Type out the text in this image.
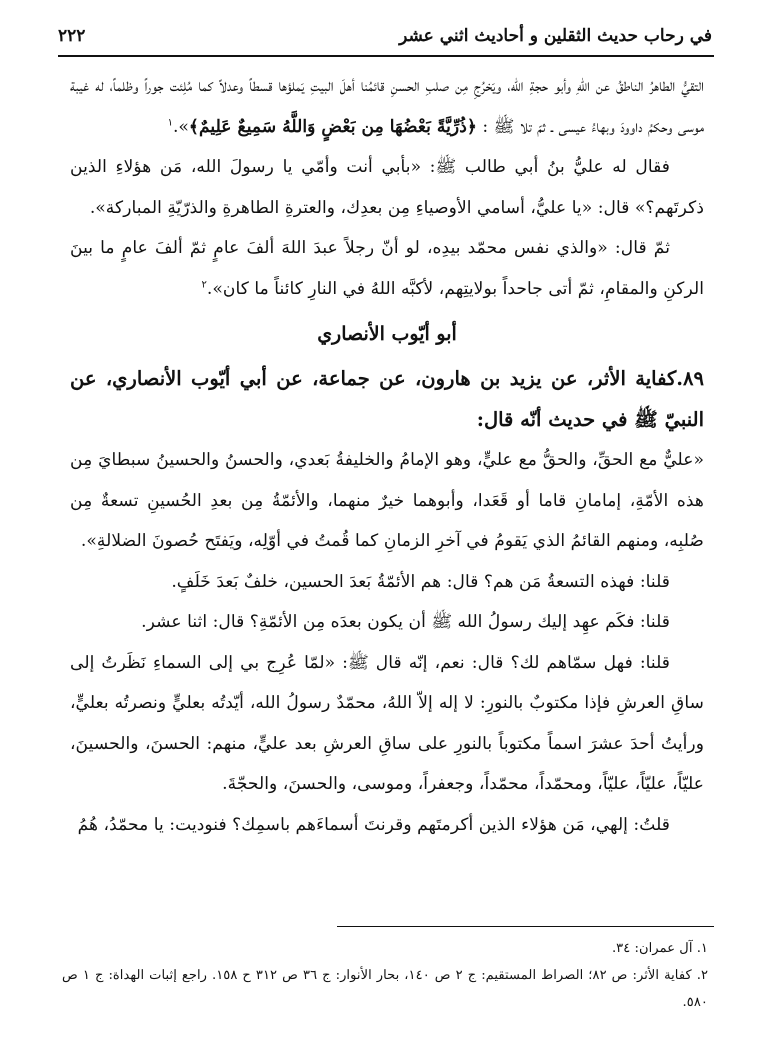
في رحاب حديث الثقلين و أحاديث اثني عشر
٢٢٢

التقيُّ الطاهرُ الناطقُ عن اللهِ وأبو حجةِ الله، ويَخرُجِ مِن صلبِ الحسنِ قائمُنا أهلَ البيتِ يَملؤها قسطاً وعدلاً كما مُلِئت جوراً وظلماً، له غيبة موسى وحكمُ داوودَ وبهاءُ عيسى ـ ثمّ تلا ﷺ : ﴿ذُرِّيَّةً بَعْضُهَا مِن بَعْضٍ وَاللَّهُ سَمِيعٌ عَلِيمٌ﴾».$^١$

فقال له عليُّ بنُ أبي طالب ﷺ: «بأبي أنت وأمّي يا رسولَ الله، مَن هؤلاءِ الذين ذكرتَهم؟» قال: «يا عليُّ، أسامي الأوصياءِ مِن بعدِك، والعترةِ الطاهرةِ والذرّيّةِ المباركة».

ثمّ قال: «والذي نفس محمّد بيدِه، لو أنّ رجلاً عبدَ اللهَ ألفَ عامٍ ثمّ ألفَ عامٍ ما بينَ الركنِ والمقامِ، ثمّ أتى جاحداً بولايتِهم، لأكبَّه اللهُ في النارِ كائناً ما كان».$^٢$

أبو أيّوب الأنصاري

٨٩.كفاية الأثر، عن يزيد بن هارون، عن جماعة، عن أبي أيّوب الأنصاري، عن النبيّ ﷺ في حديث أنّه قال:

«عليٌّ مع الحقِّ، والحقُّ مع عليٍّ، وهو الإمامُ والخليفةُ بَعدي، والحسنُ والحسينُ سبطايَ مِن هذه الأمّةِ، إمامانِ قاما أو قَعَدا، وأبوهما خيرٌ منهما، والأئمّةُ مِن بعدِ الحُسينِ تسعةٌ مِن صُلبِه، ومنهم القائمُ الذي يَقومُ في آخرِ الزمانِ كما قُمتُ في أوّلِه، ويَفتَح حُصونَ الضلالةِ».

قلنا: فهذه التسعةُ مَن هم؟ قال: هم الأئمّةُ بَعدَ الحسين، خلفٌ بَعدَ خَلَفٍ.

قلنا: فكَم عهِد إليك رسولُ الله ﷺ أن يكون بعدَه مِن الأئمّةِ؟ قال: اثنا عشر.

قلنا: فهل سمّاهم لك؟ قال: نعم، إنّه قال ﷺ: «لمّا عُرِج بي إلى السماءِ نَظَرتُ إلى ساقِ العرشِ فإذا مكتوبٌ بالنورِ: لا إله إلاّ اللهُ، محمّدٌ رسولُ الله، أيّدتُه بعليٍّ ونصرتُه بعليٍّ، ورأيتُ أحدَ عشرَ اسماً مكتوباً بالنورِ على ساقِ العرشِ بعد عليٍّ، منهم: الحسنَ، والحسينَ، عليّاً، عليّاً، عليّاً، ومحمّداً، محمّداً، وجعفراً، وموسى، والحسنَ، والحجّةَ.

قلتُ: إلهي، مَن هؤلاء الذين أكرمتَهم وقرنتَ أسماءَهم باسمِك؟ فنوديت: يا محمّدُ، هُمُ

١. آل عمران: ٣٤.

٢. كفاية الأثر: ص ٨٢؛ الصراط المستقيم: ج ٢ ص ١٤٠، بحار الأنوار: ج ٣٦ ص ٣١٢ ح ١٥٨. راجع إثبات الهداة: ج ١ ص ٥٨٠.
